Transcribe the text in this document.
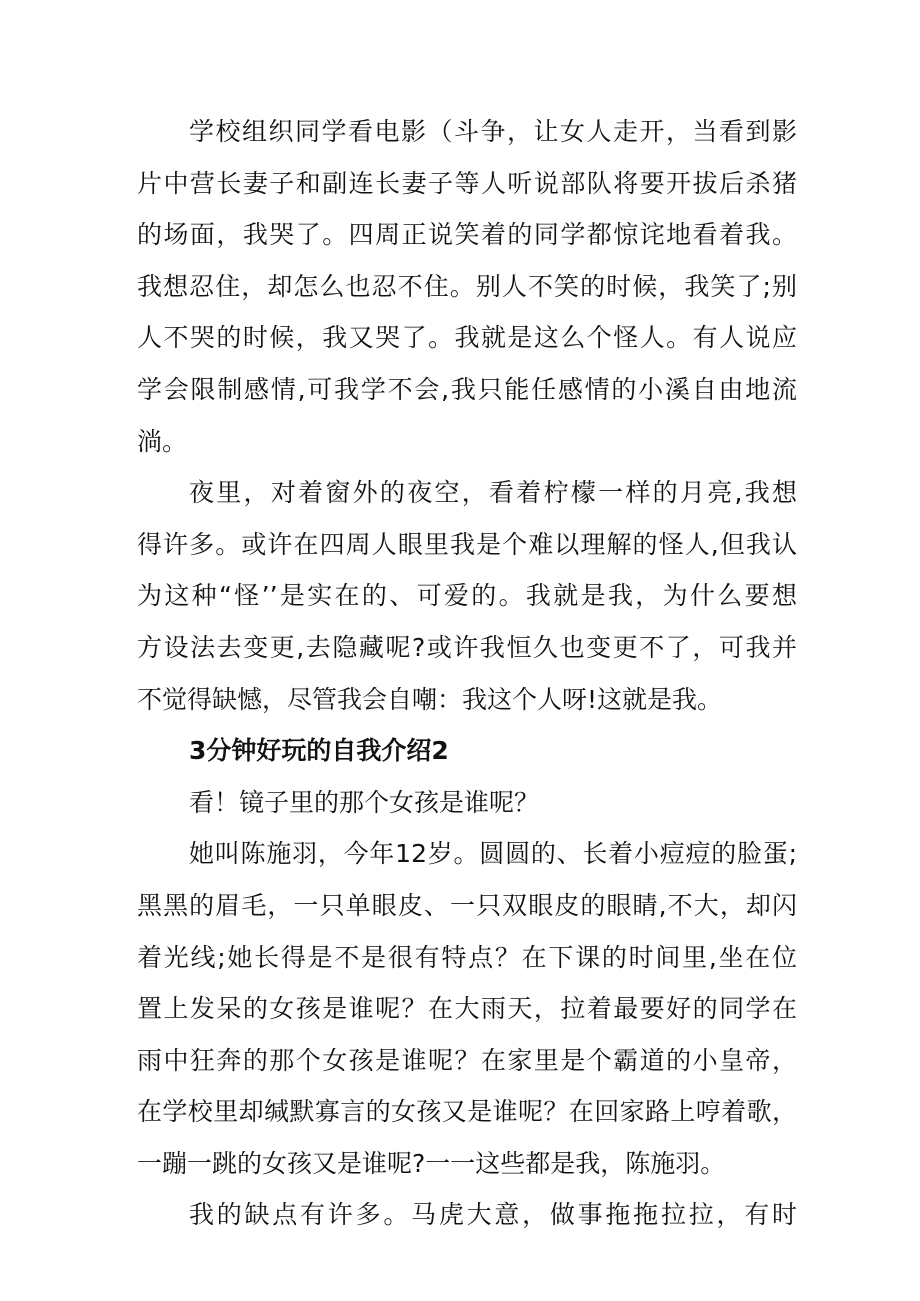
学校组织同学看电影（斗争，让女人走开，当看到影
片中营长妻子和副连长妻子等人听说部队将要开拔后杀猪
的场面，我哭了。四周正说笑着的同学都惊诧地看着我。
我想忍住，却怎么也忍不住。别人不笑的时候，我笑了;别
人不哭的时候，我又哭了。我就是这么个怪人。有人说应
学会限制感情,可我学不会,我只能任感情的小溪自由地流
淌。
夜里，对着窗外的夜空，看着柠檬一样的月亮,我想
得许多。或许在四周人眼里我是个难以理解的怪人,但我认
为这种“怪’’是实在的、可爱的。我就是我，为什么要想
方设法去变更,去隐藏呢?或许我恒久也变更不了，可我并
不觉得缺憾，尽管我会自嘲：我这个人呀!这就是我。
3分钟好玩的自我介绍2
看！镜子里的那个女孩是谁呢？
她叫陈施羽，今年12岁。圆圆的、长着小痘痘的脸蛋;
黑黑的眉毛，一只单眼皮、一只双眼皮的眼睛,不大，却闪
着光线;她长得是不是很有特点？在下课的时间里,坐在位
置上发呆的女孩是谁呢？在大雨天，拉着最要好的同学在
雨中狂奔的那个女孩是谁呢？在家里是个霸道的小皇帝，
在学校里却缄默寡言的女孩又是谁呢？在回家路上哼着歌，
一蹦一跳的女孩又是谁呢?一一这些都是我，陈施羽。
我的缺点有许多。马虎大意，做事拖拖拉拉，有时
